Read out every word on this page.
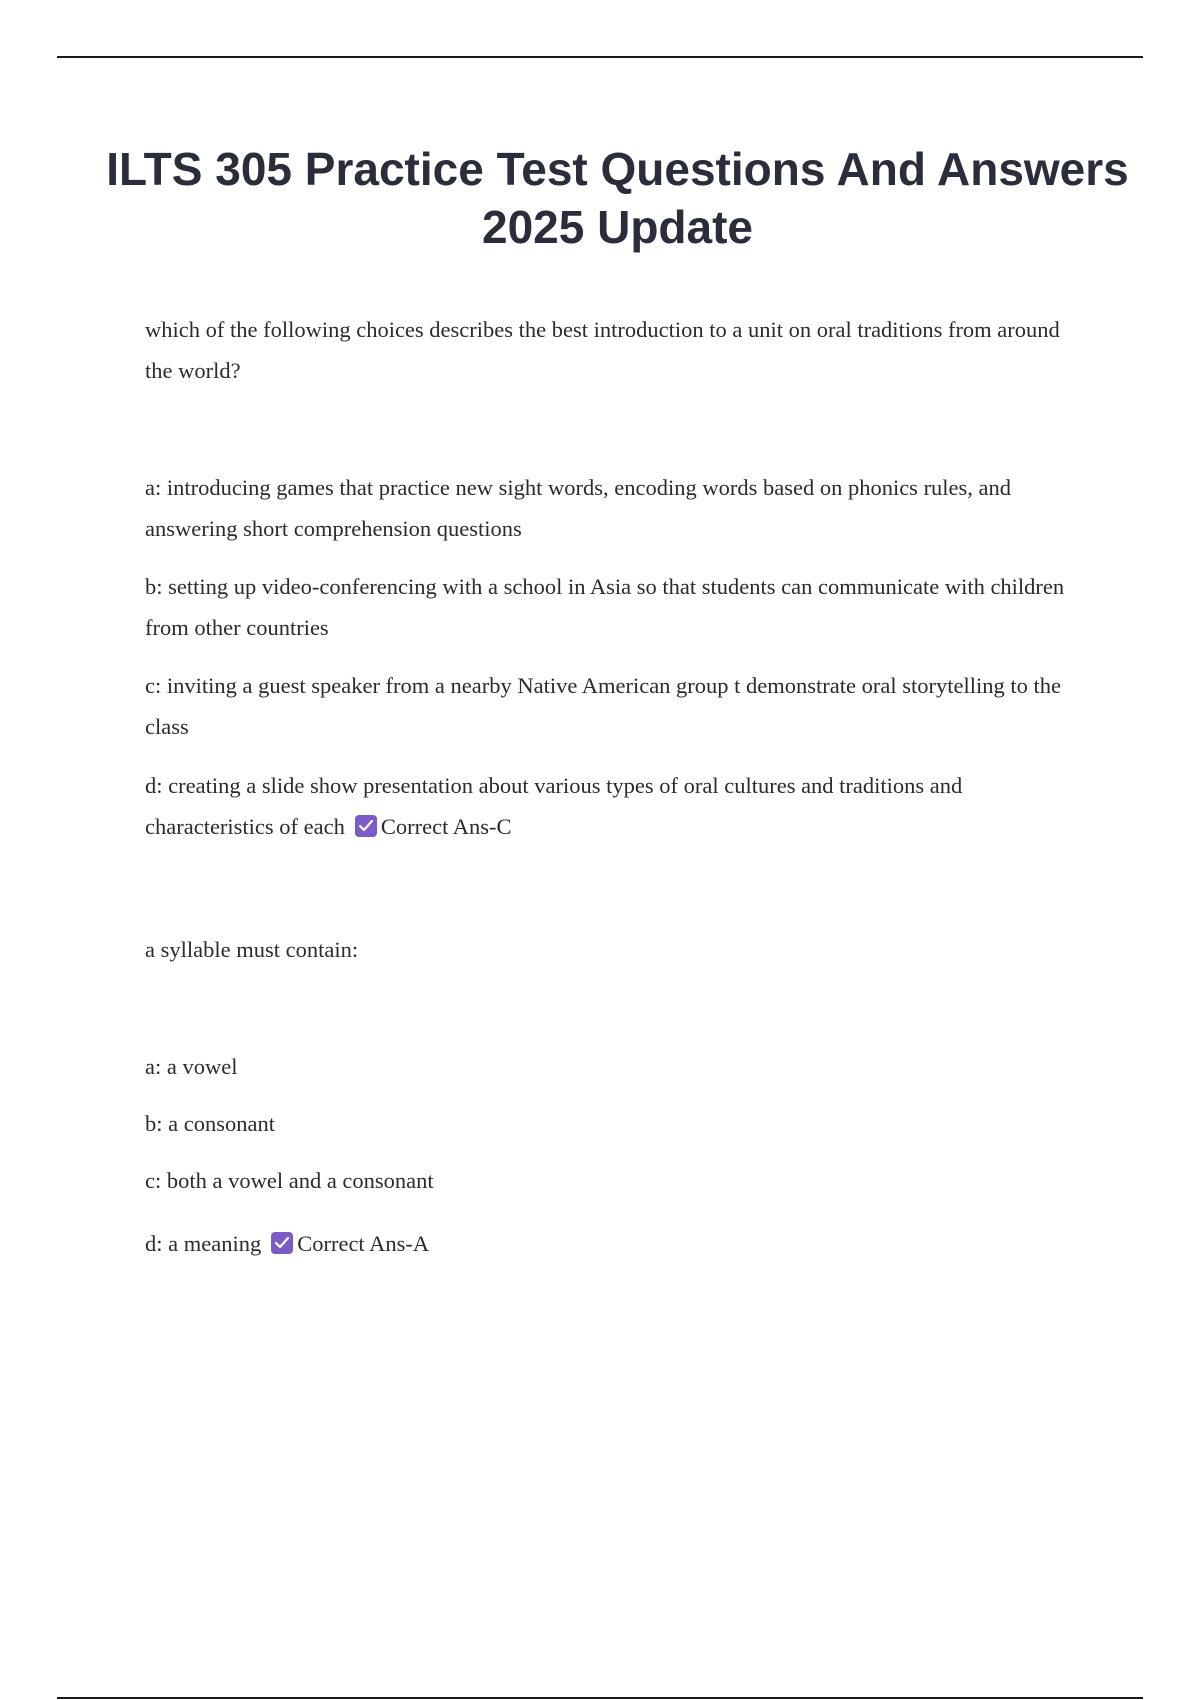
ILTS 305 Practice Test Questions And Answers 2025 Update

which of the following choices describes the best introduction to a unit on oral traditions from around the world?

a: introducing games that practice new sight words, encoding words based on phonics rules, and answering short comprehension questions

b: setting up video-conferencing with a school in Asia so that students can communicate with children from other countries

c: inviting a guest speaker from a nearby Native American group t demonstrate oral storytelling to the class

d: creating a slide show presentation about various types of oral cultures and traditions and characteristics of each Correct Ans-C

a syllable must contain:

a: a vowel

b: a consonant

c: both a vowel and a consonant

d: a meaning Correct Ans-A
